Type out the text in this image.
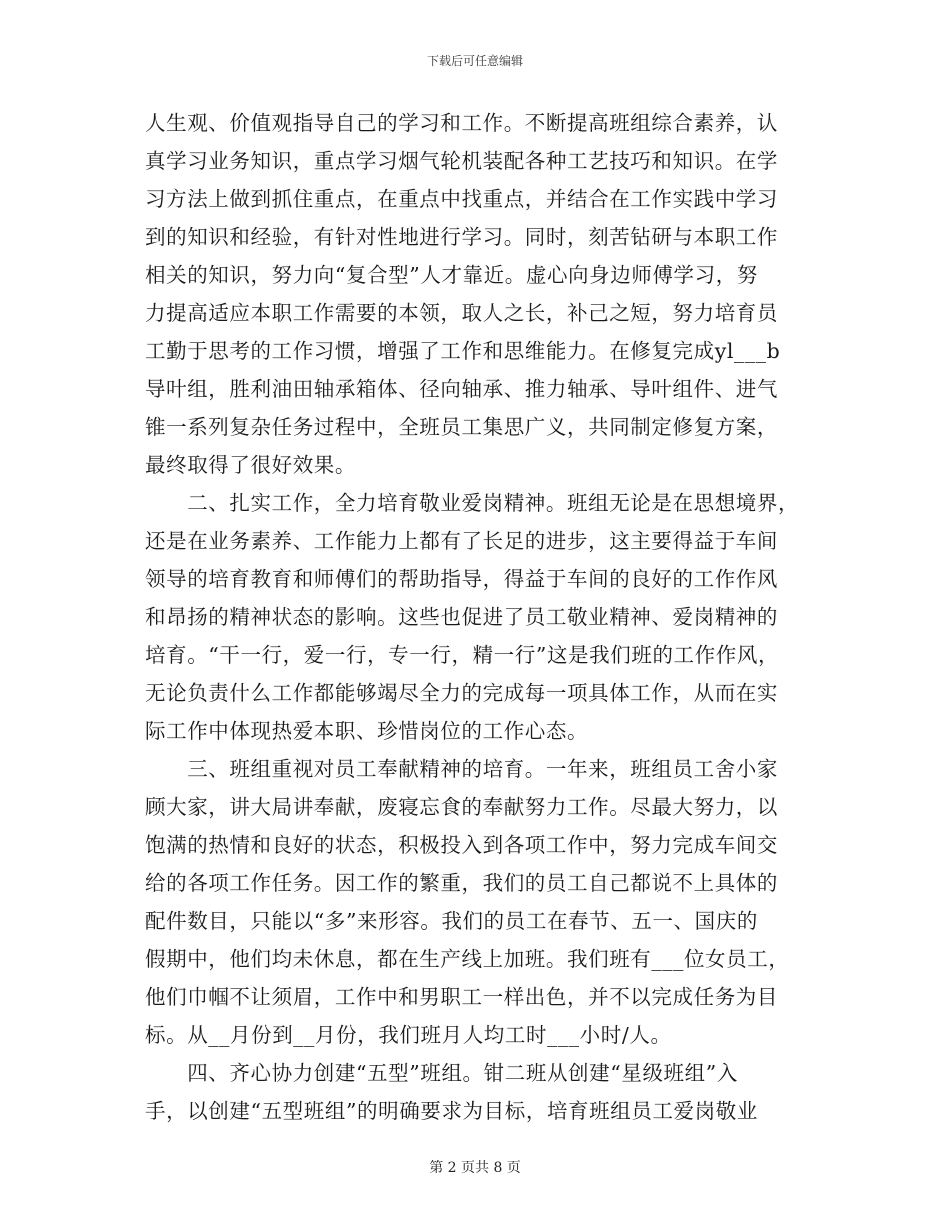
下载后可任意编辑
人生观、价值观指导自己的学习和工作。不断提高班组综合素养，认
真学习业务知识，重点学习烟气轮机装配各种工艺技巧和知识。在学
习方法上做到抓住重点，在重点中找重点，并结合在工作实践中学习
到的知识和经验，有针对性地进行学习。同时，刻苦钻研与本职工作
相关的知识，努力向“复合型”人才靠近。虚心向身边师傅学习，努
力提高适应本职工作需要的本领，取人之长，补己之短，努力培育员
工勤于思考的工作习惯，增强了工作和思维能力。在修复完成yl___b
导叶组，胜利油田轴承箱体、径向轴承、推力轴承、导叶组件、进气
锥一系列复杂任务过程中，全班员工集思广义，共同制定修复方案，
最终取得了很好效果。
　　二、扎实工作，全力培育敬业爱岗精神。班组无论是在思想境界，
还是在业务素养、工作能力上都有了长足的进步，这主要得益于车间
领导的培育教育和师傅们的帮助指导，得益于车间的良好的工作作风
和昂扬的精神状态的影响。这些也促进了员工敬业精神、爱岗精神的
培育。“干一行，爱一行，专一行，精一行”这是我们班的工作作风，
无论负责什么工作都能够竭尽全力的完成每一项具体工作，从而在实
际工作中体现热爱本职、珍惜岗位的工作心态。
　　三、班组重视对员工奉献精神的培育。一年来，班组员工舍小家
顾大家，讲大局讲奉献，废寝忘食的奉献努力工作。尽最大努力，以
饱满的热情和良好的状态，积极投入到各项工作中，努力完成车间交
给的各项工作任务。因工作的繁重，我们的员工自己都说不上具体的
配件数目，只能以“多”来形容。我们的员工在春节、五一、国庆的
假期中，他们均未休息，都在生产线上加班。我们班有___位女员工，
他们巾帼不让须眉，工作中和男职工一样出色，并不以完成任务为目
标。从__月份到__月份，我们班月人均工时___小时/人。
　　四、齐心协力创建“五型”班组。钳二班从创建“星级班组”入
手，以创建“五型班组”的明确要求为目标，培育班组员工爱岗敬业
第 2 页共 8 页
